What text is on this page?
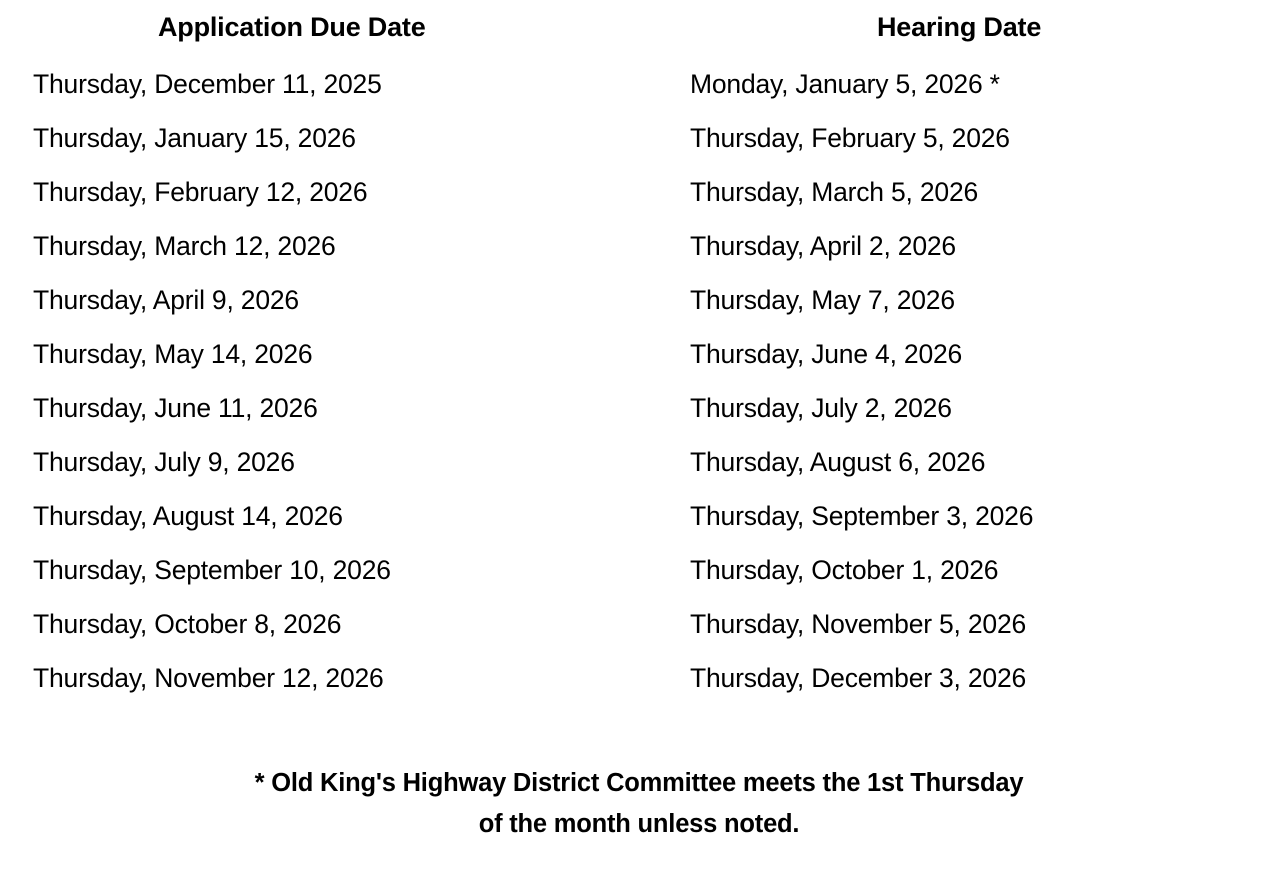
Application Due Date	Hearing Date
Thursday, December 11, 2025	Monday, January 5, 2026 *
Thursday, January 15, 2026	Thursday, February 5, 2026
Thursday, February 12, 2026	Thursday, March 5, 2026
Thursday, March 12, 2026	Thursday, April 2, 2026
Thursday, April 9, 2026	Thursday, May 7, 2026
Thursday, May 14, 2026	Thursday, June 4, 2026
Thursday, June 11, 2026	Thursday, July 2, 2026
Thursday, July 9, 2026	Thursday, August 6, 2026
Thursday, August 14, 2026	Thursday, September 3, 2026
Thursday, September 10, 2026	Thursday, October 1, 2026
Thursday, October 8, 2026	Thursday, November 5, 2026
Thursday, November 12, 2026	Thursday, December 3, 2026
* Old King's Highway District Committee meets the 1st Thursday
of the month unless noted.
